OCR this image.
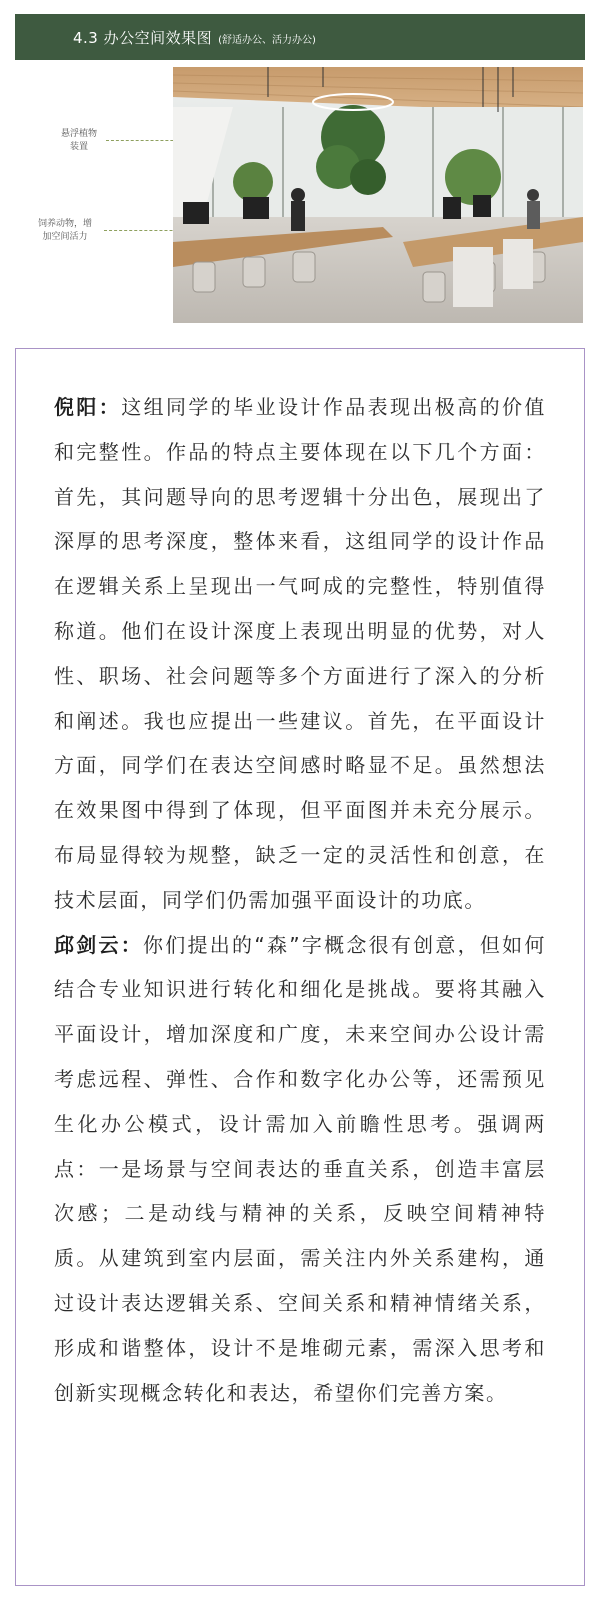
4.3 办公空间效果图 (舒适办公、活力办公)
悬浮植物
装置
饲养动物，增
加空间活力

倪阳：这组同学的毕业设计作品表现出极高的价值和完整性。作品的特点主要体现在以下几个方面：首先，其问题导向的思考逻辑十分出色，展现出了深厚的思考深度，整体来看，这组同学的设计作品在逻辑关系上呈现出一气呵成的完整性，特别值得称道。他们在设计深度上表现出明显的优势，对人性、职场、社会问题等多个方面进行了深入的分析和阐述。我也应提出一些建议。首先，在平面设计方面，同学们在表达空间感时略显不足。虽然想法在效果图中得到了体现，但平面图并未充分展示。布局显得较为规整，缺乏一定的灵活性和创意，在技术层面，同学们仍需加强平面设计的功底。

邱剑云：你们提出的“森”字概念很有创意，但如何结合专业知识进行转化和细化是挑战。要将其融入平面设计，增加深度和广度，未来空间办公设计需考虑远程、弹性、合作和数字化办公等，还需预见生化办公模式，设计需加入前瞻性思考。强调两点：一是场景与空间表达的垂直关系，创造丰富层次感；二是动线与精神的关系，反映空间精神特质。从建筑到室内层面，需关注内外关系建构，通过设计表达逻辑关系、空间关系和精神情绪关系，形成和谐整体，设计不是堆砌元素，需深入思考和创新实现概念转化和表达，希望你们完善方案。
